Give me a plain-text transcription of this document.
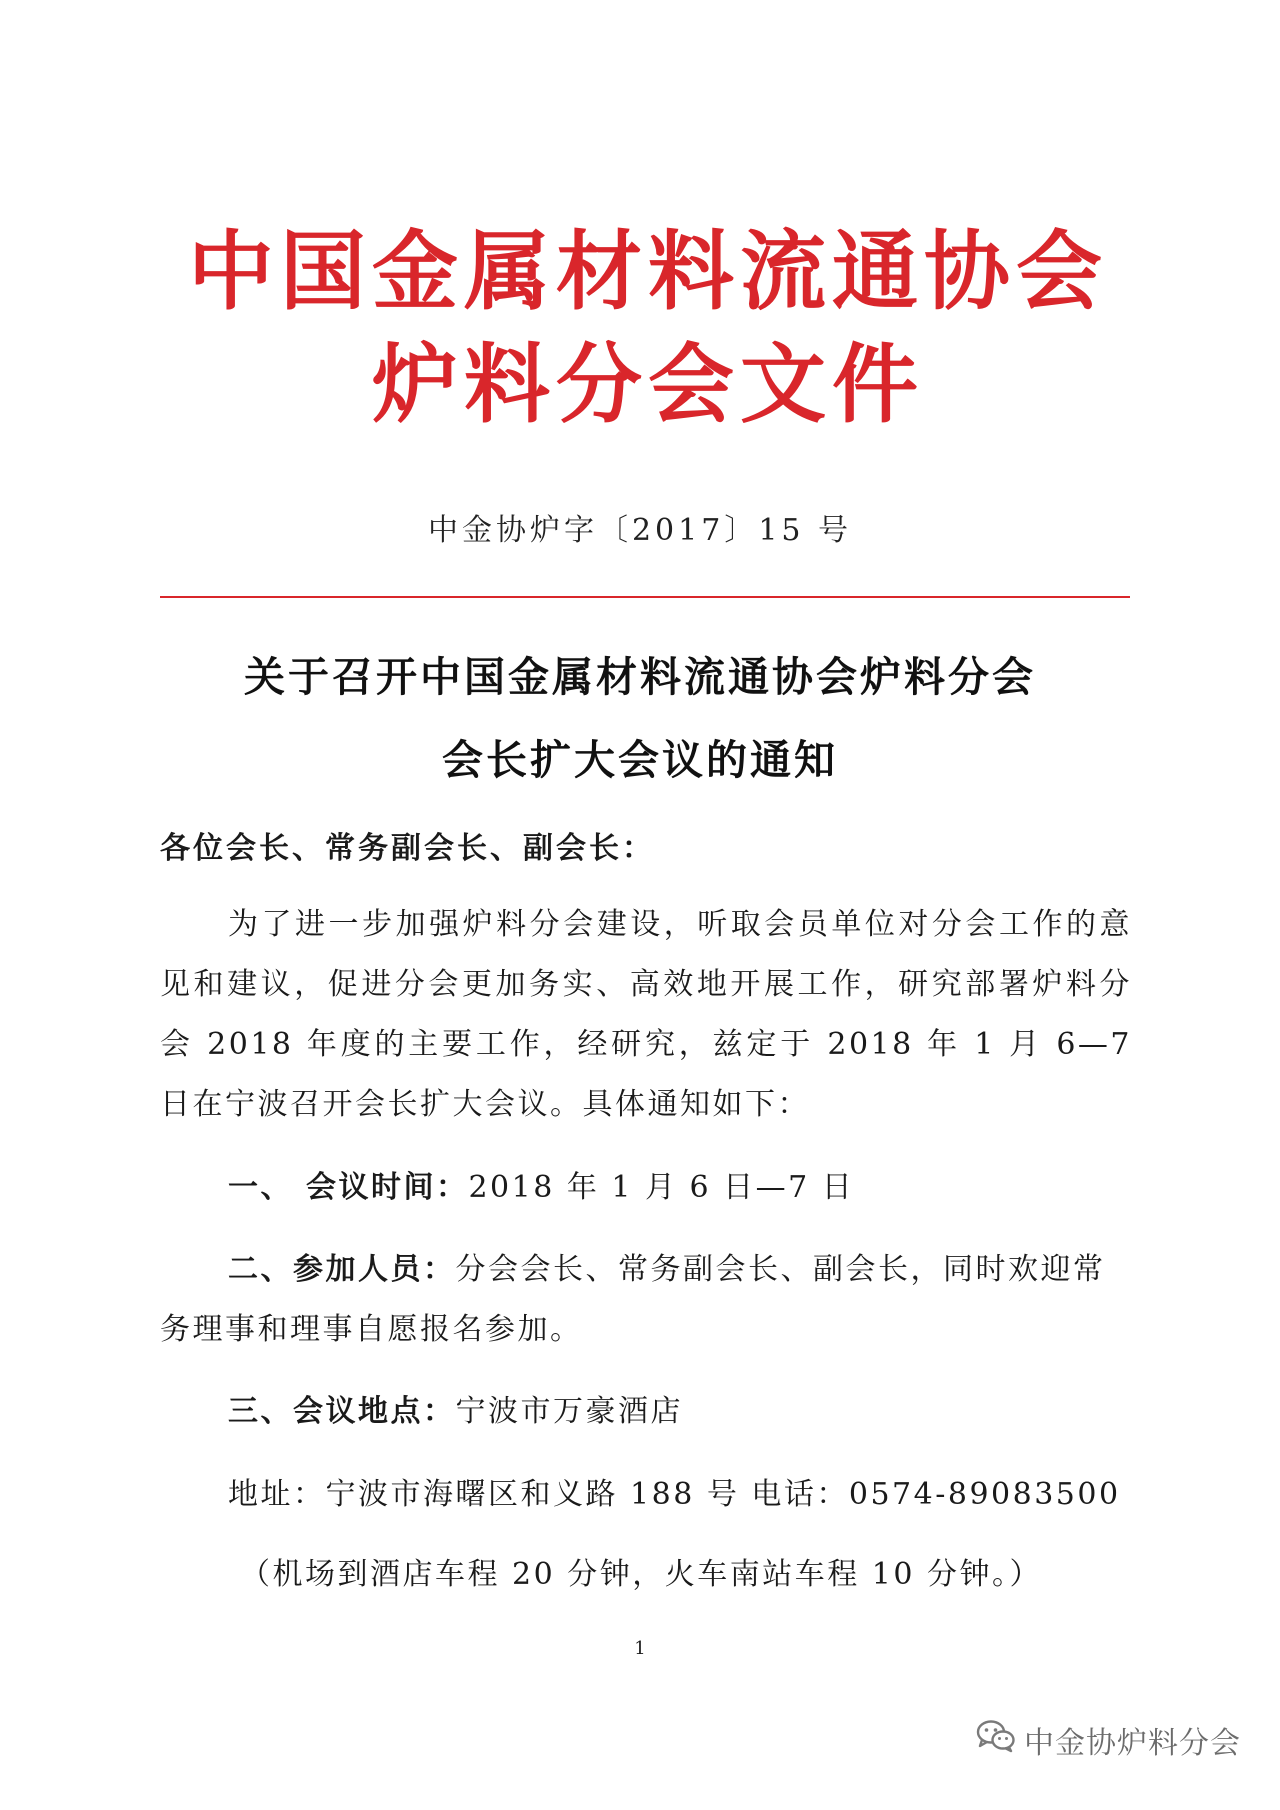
中国金属材料流通协会
炉料分会文件
中金协炉字〔2017〕15 号
关于召开中国金属材料流通协会炉料分会
会长扩大会议的通知
各位会长、常务副会长、副会长：
为了进一步加强炉料分会建设，听取会员单位对分会工作的意见和建议，促进分会更加务实、高效地开展工作，研究部署炉料分会 2018 年度的主要工作，经研究，兹定于 2018 年 1 月 6—7 日在宁波召开会长扩大会议。具体通知如下：
一、 会议时间：2018 年 1 月 6 日—7 日
二、参加人员：分会会长、常务副会长、副会长，同时欢迎常务理事和理事自愿报名参加。
三、会议地点：宁波市万豪酒店
地址：宁波市海曙区和义路 188 号 电话：0574-89083500
（机场到酒店车程 20 分钟，火车南站车程 10 分钟。）
1
中金协炉料分会
